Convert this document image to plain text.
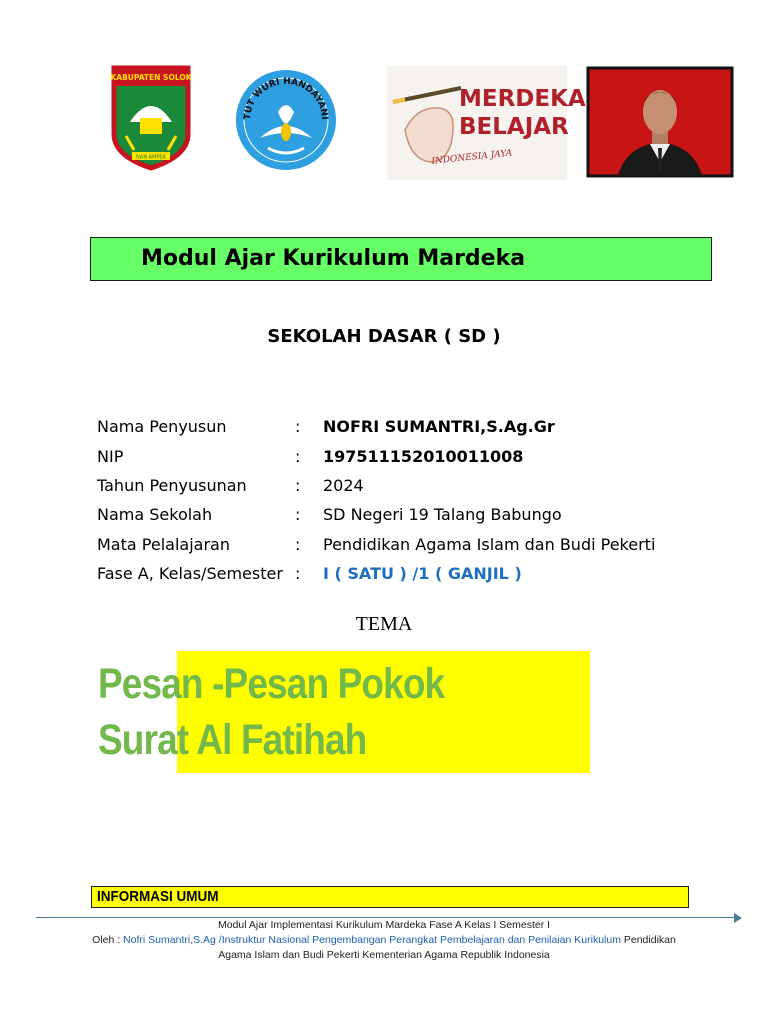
KABUPATEN SOLOK
NAN AMPEK
TUT WURI HANDAYANI
MERDEKA
BELAJAR
INDONESIA JAYA
Modul Ajar Kurikulum Mardeka
SEKOLAH DASAR ( SD )
Nama Penyusun	: NOFRI SUMANTRI,S.Ag.Gr
NIP	: 197511152010011008
Tahun Penyusunan	: 2024
Nama Sekolah	: SD Negeri 19 Talang Babungo
Mata Pelalajaran	: Pendidikan Agama Islam dan Budi Pekerti
Fase A, Kelas/Semester : I ( SATU ) /1 ( GANJIL )
TEMA
Pesan -Pesan Pokok
Surat Al Fatihah
INFORMASI UMUM
Modul Ajar Implementasi Kurikulum Mardeka Fase A Kelas I Semester I
Oleh : Nofri Sumantri,S.Ag /Instruktur Nasional Pengembangan Perangkat Pembelajaran dan Penilaian Kurikulum Pendidikan
Agama Islam dan Budi Pekerti Kementerian Agama Republik Indonesia
